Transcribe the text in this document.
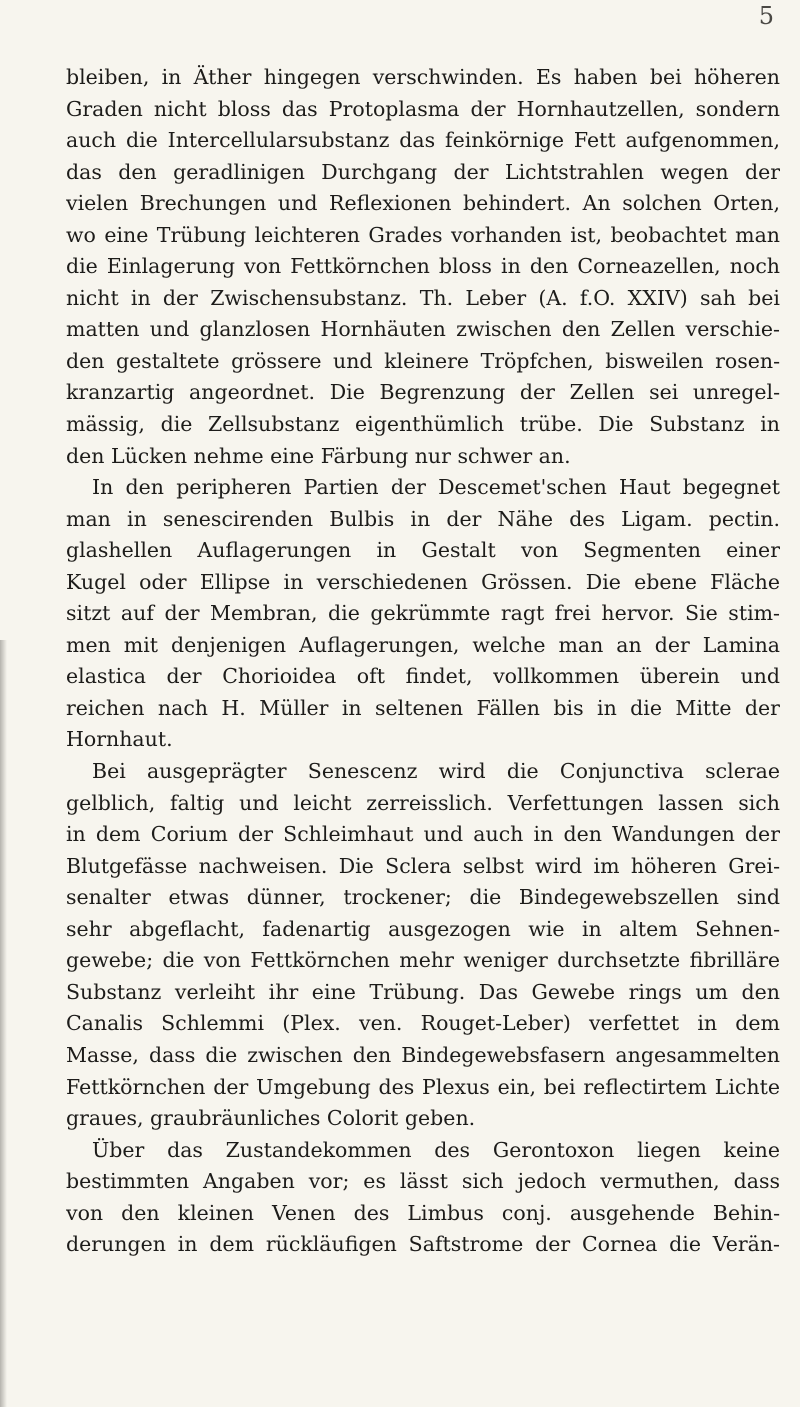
5
bleiben, in Äther hingegen verschwinden. Es haben bei höheren
Graden nicht bloss das Protoplasma der Hornhautzellen, sondern
auch die Intercellularsubstanz das feinkörnige Fett aufgenommen,
das den geradlinigen Durchgang der Lichtstrahlen wegen der
vielen Brechungen und Reflexionen behindert. An solchen Orten,
wo eine Trübung leichteren Grades vorhanden ist, beobachtet man
die Einlagerung von Fettkörnchen bloss in den Corneazellen, noch
nicht in der Zwischensubstanz. Th. Leber (A. f.O. XXIV) sah bei
matten und glanzlosen Hornhäuten zwischen den Zellen verschie-
den gestaltete grössere und kleinere Tröpfchen, bisweilen rosen-
kranzartig angeordnet. Die Begrenzung der Zellen sei unregel-
mässig, die Zellsubstanz eigenthümlich trübe. Die Substanz in
den Lücken nehme eine Färbung nur schwer an.
In den peripheren Partien der Descemet'schen Haut begegnet
man in senescirenden Bulbis in der Nähe des Ligam. pectin.
glashellen Auflagerungen in Gestalt von Segmenten einer
Kugel oder Ellipse in verschiedenen Grössen. Die ebene Fläche
sitzt auf der Membran, die gekrümmte ragt frei hervor. Sie stim-
men mit denjenigen Auflagerungen, welche man an der Lamina
elastica der Chorioidea oft findet, vollkommen überein und
reichen nach H. Müller in seltenen Fällen bis in die Mitte der
Hornhaut.
Bei ausgeprägter Senescenz wird die Conjunctiva sclerae
gelblich, faltig und leicht zerreisslich. Verfettungen lassen sich
in dem Corium der Schleimhaut und auch in den Wandungen der
Blutgefässe nachweisen. Die Sclera selbst wird im höheren Grei-
senalter etwas dünner, trockener; die Bindegewebszellen sind
sehr abgeflacht, fadenartig ausgezogen wie in altem Sehnen-
gewebe; die von Fettkörnchen mehr weniger durchsetzte fibrilläre
Substanz verleiht ihr eine Trübung. Das Gewebe rings um den
Canalis Schlemmi (Plex. ven. Rouget-Leber) verfettet in dem
Masse, dass die zwischen den Bindegewebsfasern angesammelten
Fettkörnchen der Umgebung des Plexus ein, bei reflectirtem Lichte
graues, graubräunliches Colorit geben.
Über das Zustandekommen des Gerontoxon liegen keine
bestimmten Angaben vor; es lässt sich jedoch vermuthen, dass
von den kleinen Venen des Limbus conj. ausgehende Behin-
derungen in dem rückläufigen Saftstrome der Cornea die Verän-
